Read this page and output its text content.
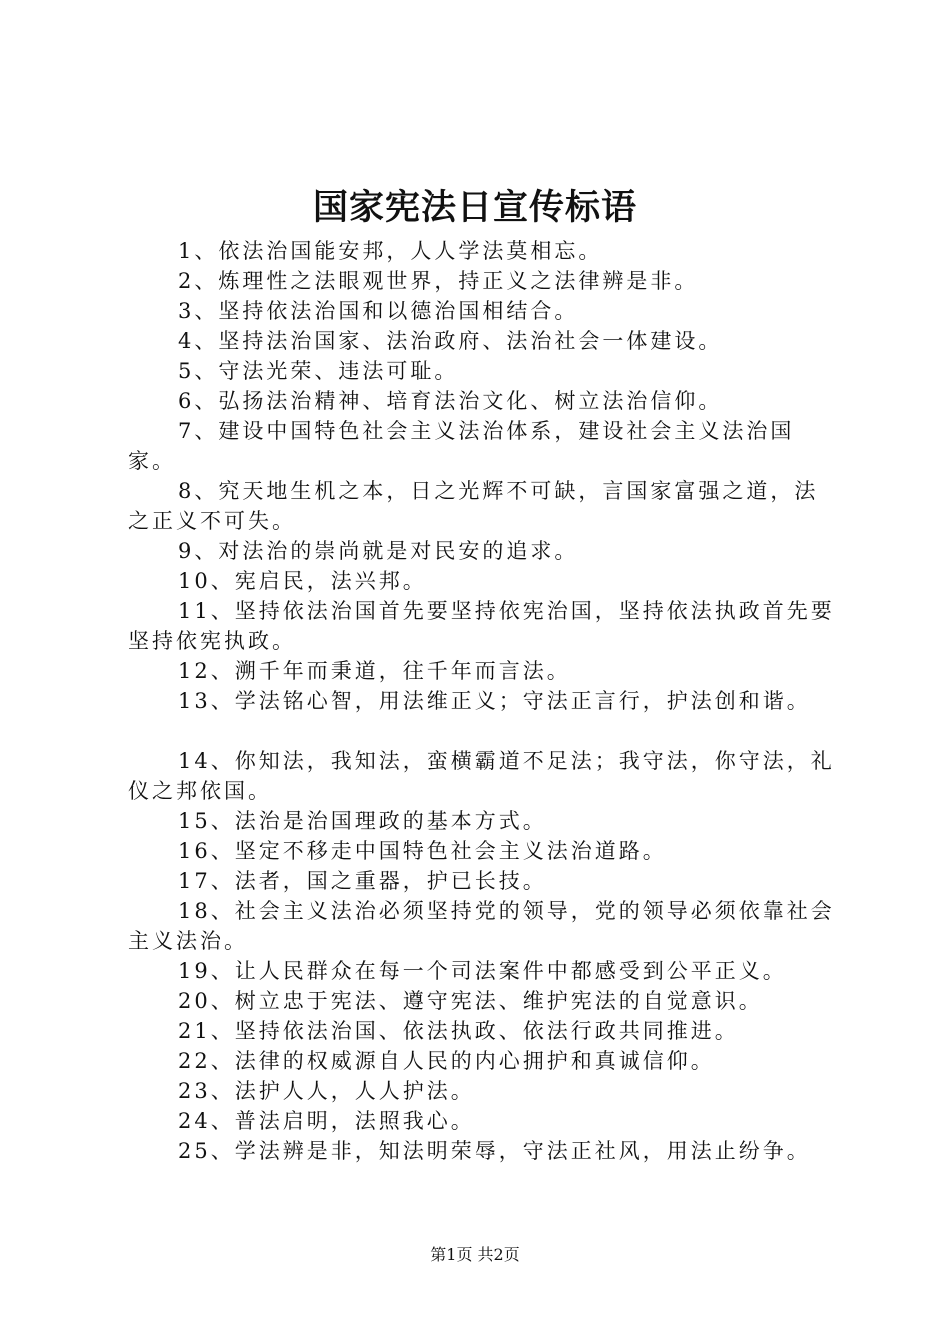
国家宪法日宣传标语

1、依法治国能安邦，人人学法莫相忘。

2、炼理性之法眼观世界，持正义之法律辨是非。

3、坚持依法治国和以德治国相结合。

4、坚持法治国家、法治政府、法治社会一体建设。

5、守法光荣、违法可耻。

6、弘扬法治精神、培育法治文化、树立法治信仰。

7、建设中国特色社会主义法治体系，建设社会主义法治国家。

8、究天地生机之本，日之光辉不可缺，言国家富强之道，法之正义不可失。

9、对法治的崇尚就是对民安的追求。

10、宪启民，法兴邦。

11、坚持依法治国首先要坚持依宪治国，坚持依法执政首先要坚持依宪执政。

12、溯千年而秉道，往千年而言法。

13、学法铭心智，用法维正义；守法正言行，护法创和谐。

14、你知法，我知法，蛮横霸道不足法；我守法，你守法，礼仪之邦依国。

15、法治是治国理政的基本方式。

16、坚定不移走中国特色社会主义法治道路。

17、法者，国之重器，护已长技。

18、社会主义法治必须坚持党的领导，党的领导必须依靠社会主义法治。

19、让人民群众在每一个司法案件中都感受到公平正义。

20、树立忠于宪法、遵守宪法、维护宪法的自觉意识。

21、坚持依法治国、依法执政、依法行政共同推进。

22、法律的权威源自人民的内心拥护和真诚信仰。

23、法护人人，人人护法。

24、普法启明，法照我心。

25、学法辨是非，知法明荣辱，守法正社风，用法止纷争。

第1页 共2页
